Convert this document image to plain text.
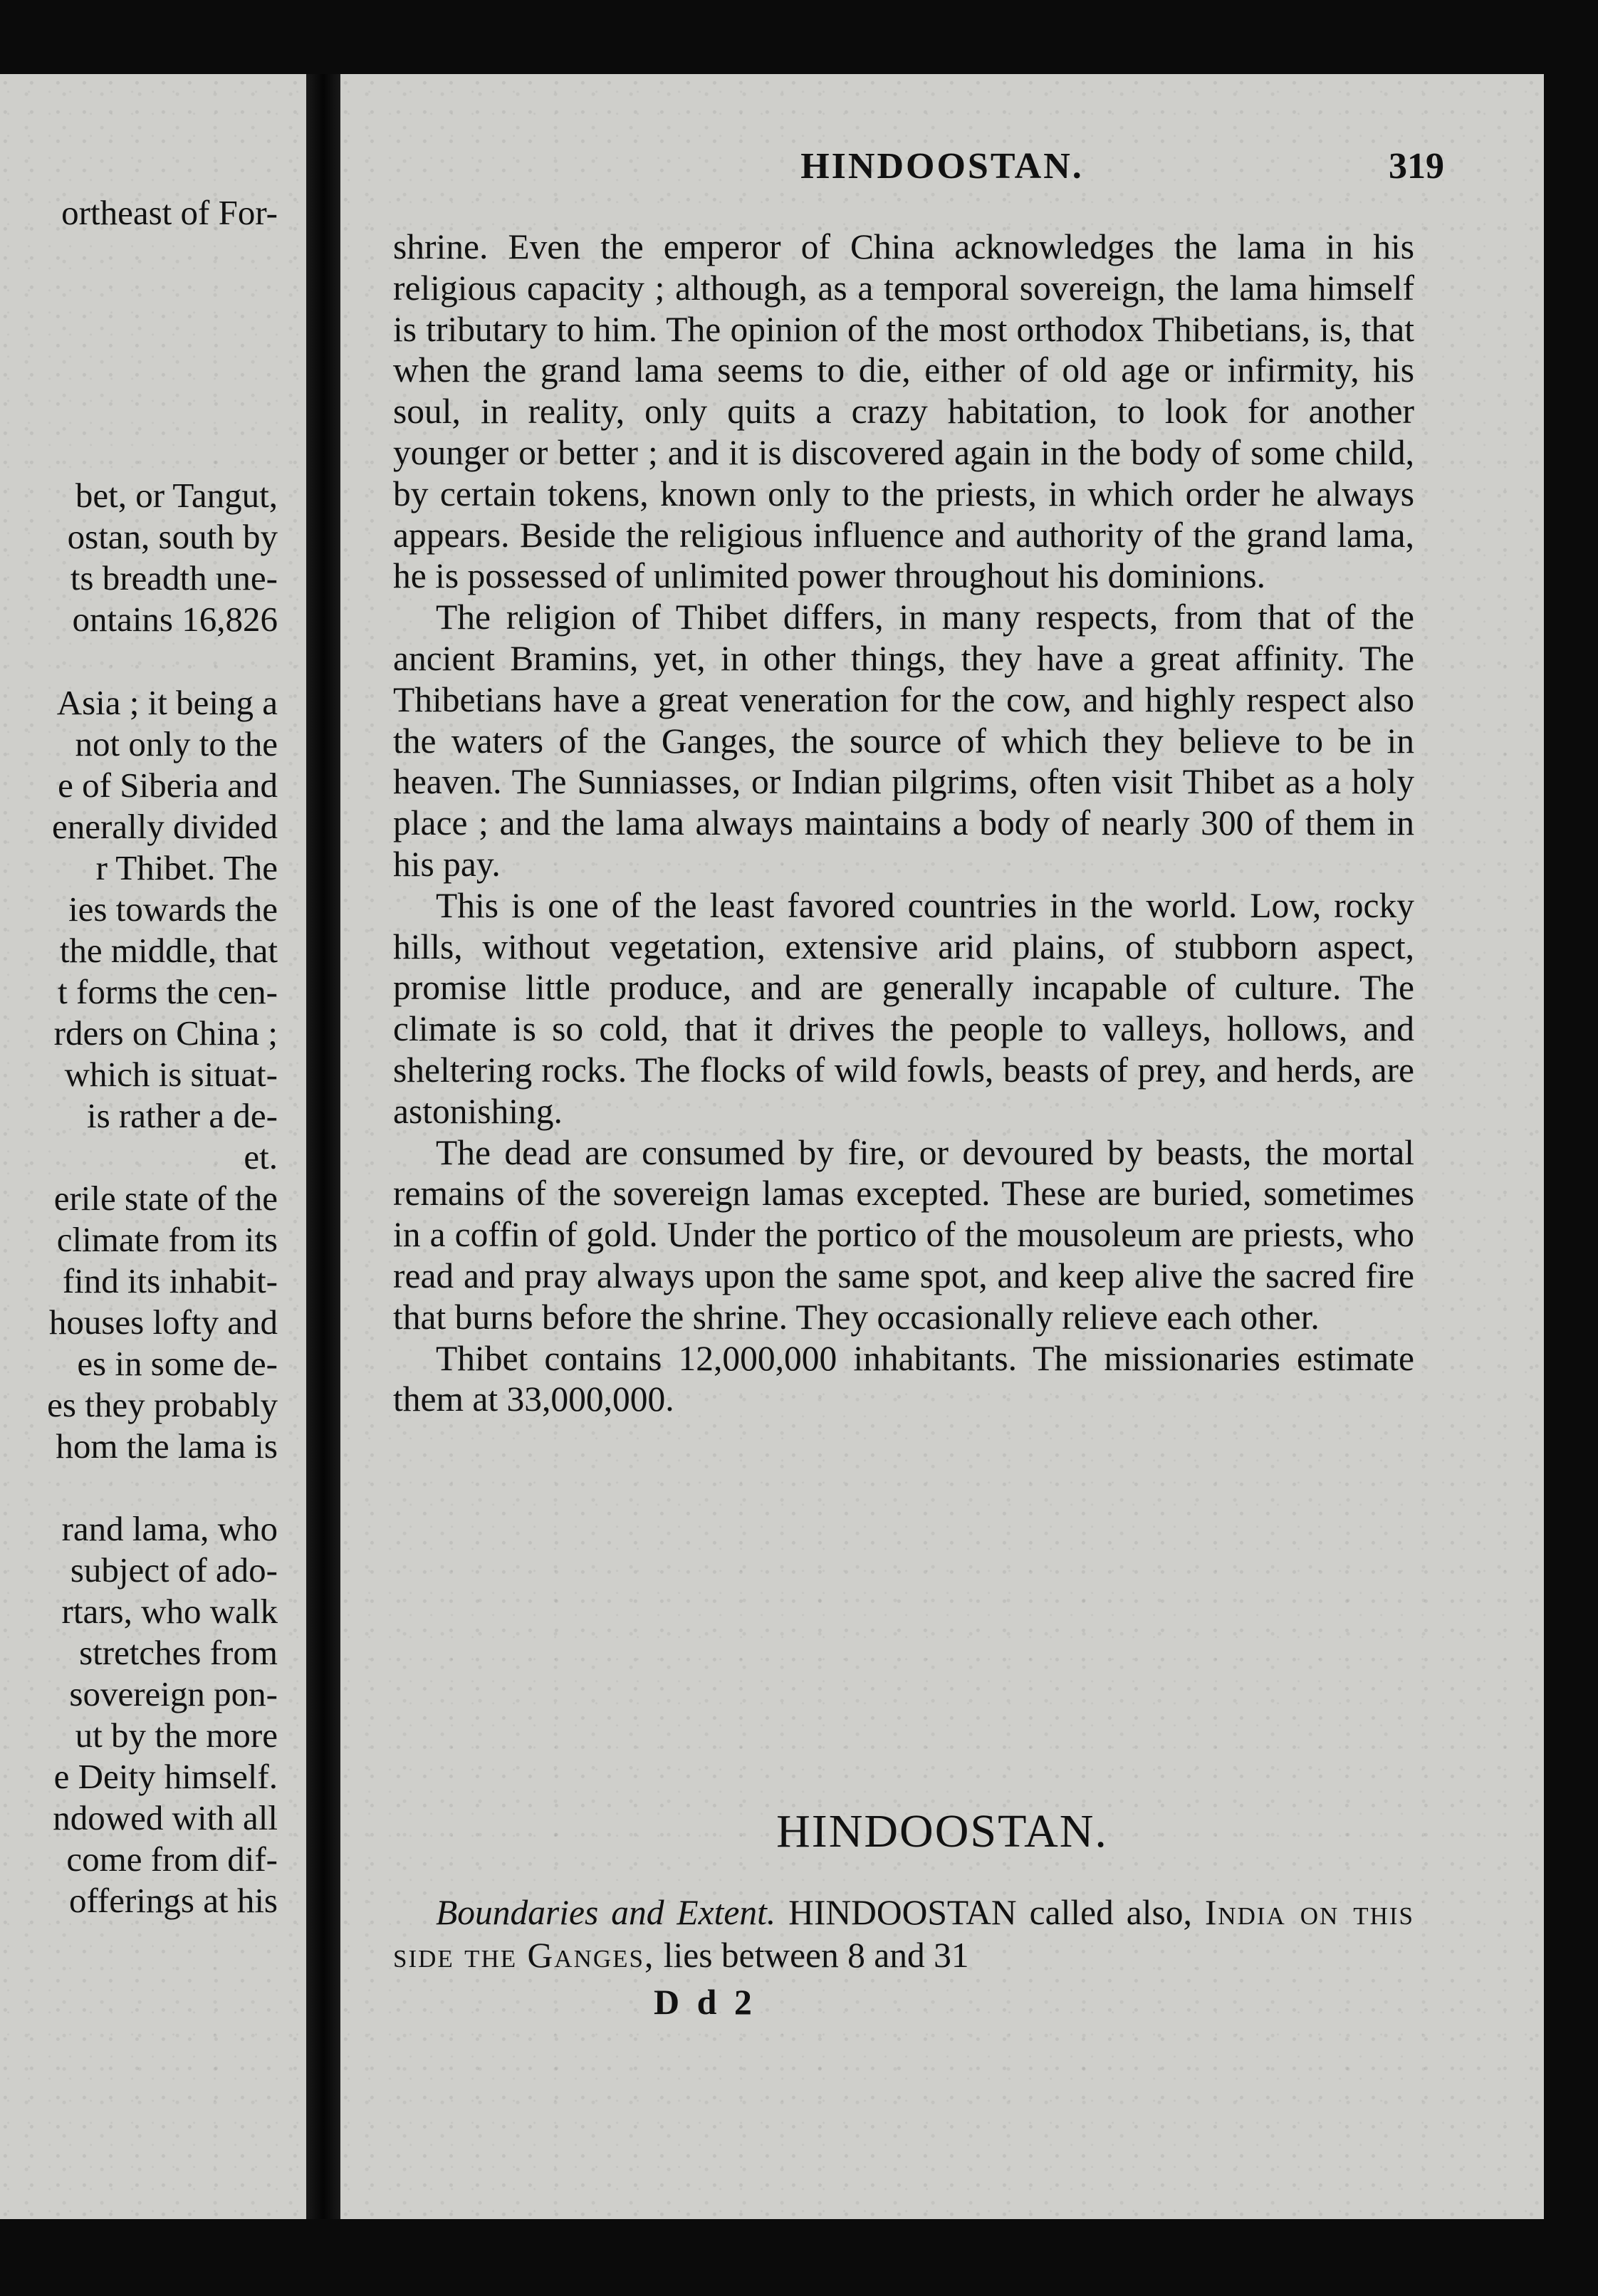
ortheast of For-

bet, or Tangut,

ostan, south by

ts breadth une-

ontains 16,826

Asia ; it being a

not only to the

e of Siberia and

enerally divided

r Thibet. The

ies towards the

the middle, that

t forms the cen-

rders on China ;

which is situat-

is rather a de-

et.

erile state of the

climate from its

find its inhabit-

houses lofty and

es in some de-

es they probably

hom the lama is

rand lama, who

subject of ado-

rtars, who walk

stretches from

sovereign pon-

ut by the more

e Deity himself.

ndowed with all

come from dif-

offerings at his

HINDOOSTAN.	319

shrine. Even the emperor of China acknowledges the lama in his religious capacity ; although, as a temporal sovereign, the lama himself is tributary to him. The opinion of the most orthodox Thibetians, is, that when the grand lama seems to die, either of old age or infirmity, his soul, in reality, only quits a crazy habitation, to look for another younger or better ; and it is discovered again in the body of some child, by certain tokens, known only to the priests, in which order he always appears. Beside the religious influence and authority of the grand lama, he is possessed of unlimited power throughout his dominions.

The religion of Thibet differs, in many respects, from that of the ancient Bramins, yet, in other things, they have a great affinity. The Thibetians have a great veneration for the cow, and highly respect also the waters of the Ganges, the source of which they believe to be in heaven. The Sunniasses, or Indian pilgrims, often visit Thibet as a holy place ; and the lama always maintains a body of nearly 300 of them in his pay.

This is one of the least favored countries in the world. Low, rocky hills, without vegetation, extensive arid plains, of stubborn aspect, promise little produce, and are generally incapable of culture. The climate is so cold, that it drives the people to valleys, hollows, and sheltering rocks. The flocks of wild fowls, beasts of prey, and herds, are astonishing.

The dead are consumed by fire, or devoured by beasts, the mortal remains of the sovereign lamas excepted. These are buried, sometimes in a coffin of gold. Under the portico of the mousoleum are priests, who read and pray always upon the same spot, and keep alive the sacred fire that burns before the shrine. They occasionally relieve each other.

Thibet contains 12,000,000 inhabitants. The missionaries estimate them at 33,000,000.

HINDOOSTAN.

Boundaries and Extent. HINDOOSTAN called also, India on this side the Ganges, lies between 8 and 31

D d 2
